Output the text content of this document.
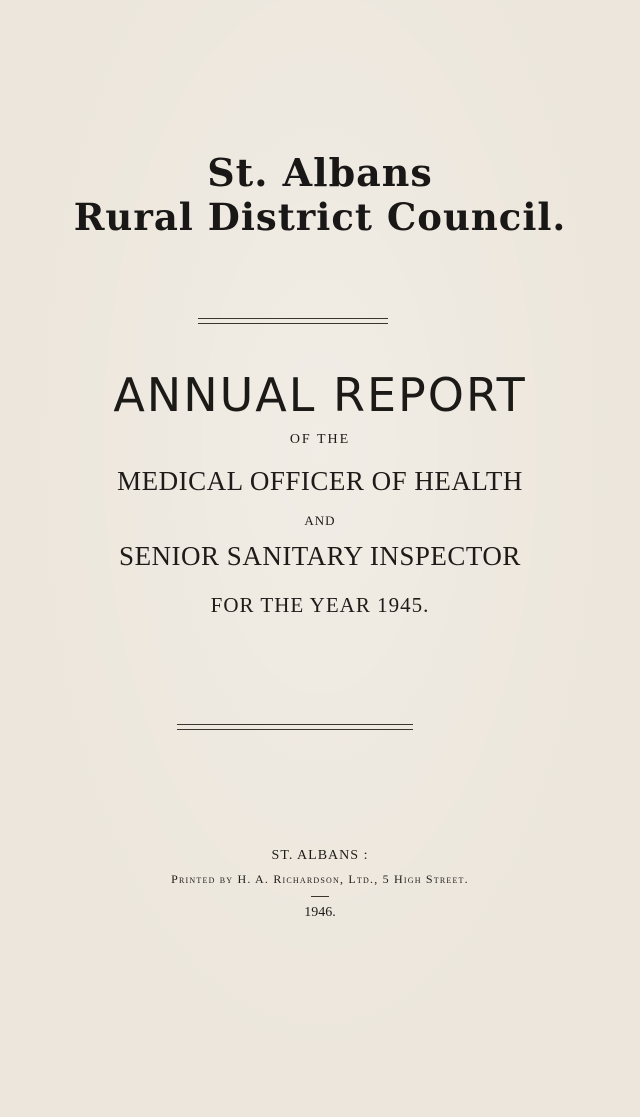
St. Albans
Rural District Council.
ANNUAL REPORT
OF THE
MEDICAL OFFICER OF HEALTH
AND
SENIOR SANITARY INSPECTOR
FOR THE YEAR 1945.
ST. ALBANS :
Printed by H. A. Richardson, Ltd., 5 High Street.
1946.
